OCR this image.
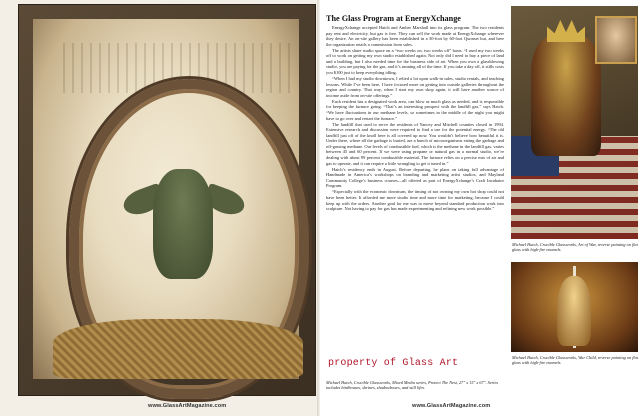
www.GlassArtMagazine.com
The Glass Program at EnergyXchange

EnergyXchange accepted Hatch and Amber Marshall into its glass program. The two residents pay rent and electricity, but gas is free. They can sell the work made at EnergyXchange wherever they desire. An on-site gallery has been established in a 30-foot by 60-foot Quonset hut, and here the organization retails a commission from sales.

The artists share studio space on a “two weeks on, two weeks off” basis. “I used my two weeks off to work on getting my own studio established again. Not only did I need to buy a piece of land and a building, but I also needed time for the business side of art. When you own a glassblowing studio, you are paying for the gas, and it’s running all of the time. If you take a day off, it stills costs you $100 just to keep everything idling.

“When I had my studio downtown, I relied a lot upon walk-in sales, studio rentals, and teaching lessons. While I’ve been here, I have focused more on getting into outside galleries throughout the region and country. That way, when I start my own shop again, it will have another source of income aside from on-site offerings.”

Each resident has a designated work area, can blow as much glass as needed, and is responsible for keeping the furnace going. “That’s an interesting prospect with the landfill gas,” says Hatch. “We have fluctuations in our methane levels, so sometimes in the middle of the night you might have to go over and restart the furnace.”

The landfill that used to serve the residents of Yancey and Mitchell counties closed in 1994. Extensive research and discussion were required to find a use for the potential energy. “The old landfill just off of the knoll here is all covered up now. You wouldn’t believe how beautiful it is. Under there, where all the garbage is buried, are a bunch of microorganisms eating the garbage and off-gassing methane. Our levels of combustible fuel, which is the methane in the landfill gas, varies between 45 and 60 percent. If we were using propane or natural gas in a normal studio, we’re dealing with about 99 percent combustible material. The furnace relies on a precise mix of air and gas to operate, and it can require a little wrangling to get it tuned in.”

Hatch’s residency ends in August. Before departing, he plans on taking full advantage of Handmade in America’s workshops on branding and marketing artist studios, and Mayland Community College’s business courses—all offered as part of EnergyXchange’s Craft Incubator Program.

“Especially with the economic downturn, the timing of not owning my own hot shop could not have been better. It afforded me more studio time and more time for marketing, because I could keep up with the orders. Another goal for me was to move beyond standard production work into sculpture. Not having to pay for gas has made experimenting and refining new work possible.”

property of Glass Art
Michael Hatch, Crucible Glassworks, Art of War, reverse painting on flat glass with high-fire enamels.
Michael Hatch, Crucible Glassworks, War Child, reverse painting on flat glass with high-fire enamels.
Michael Hatch, Crucible Glassworks, Mixed Media series, Protect The Nest, 27" x 15" x 67". Series includes birdhouses, shrines, shadowboxes, and still lifes.
www.GlassArtMagazine.com
